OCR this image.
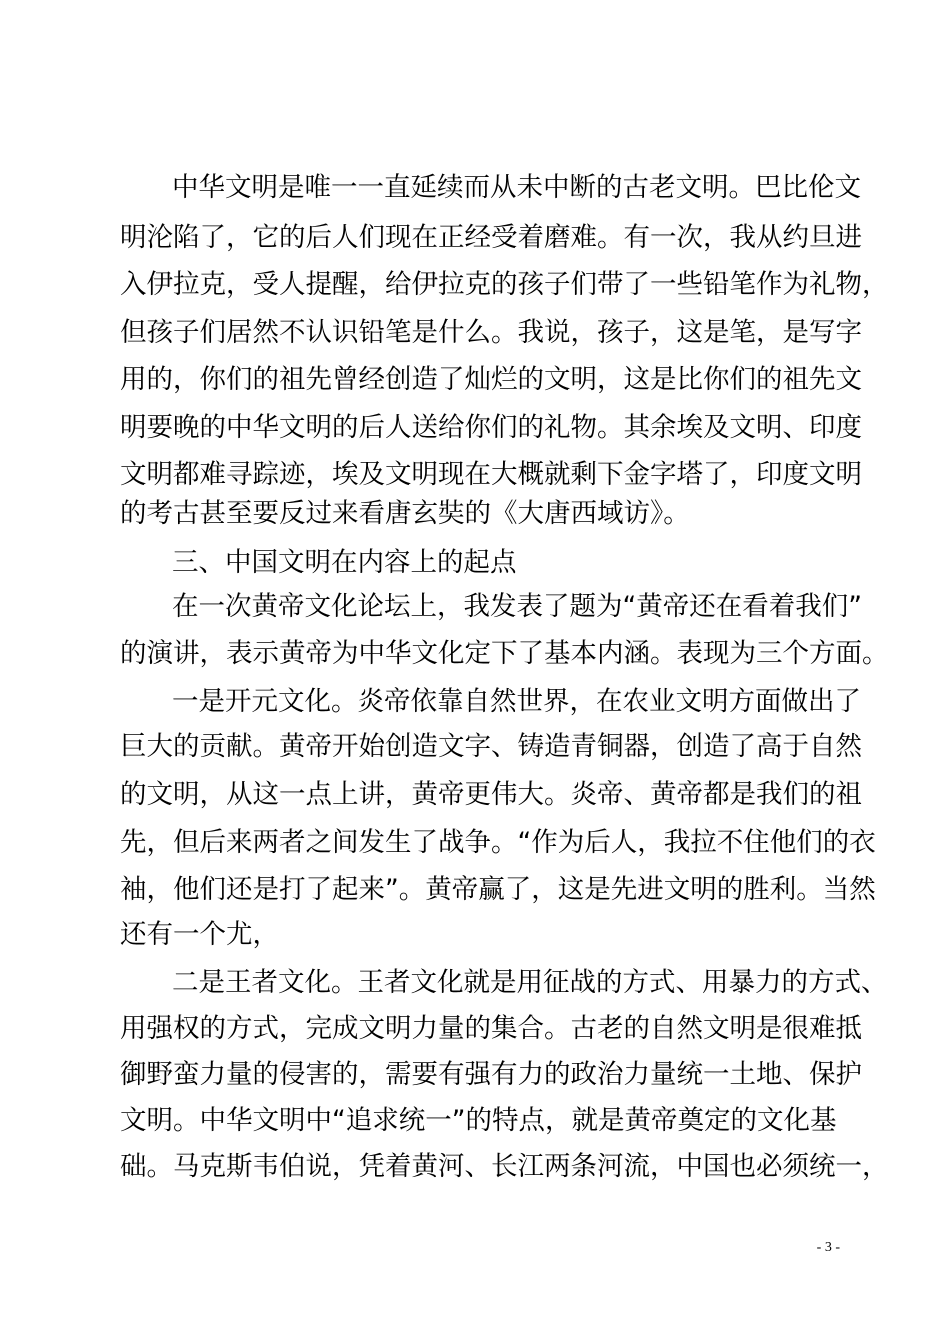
中华文明是唯一一直延续而从未中断的古老文明。巴比伦文
明沦陷了，它的后人们现在正经受着磨难。有一次，我从约旦进
入伊拉克，受人提醒，给伊拉克的孩子们带了一些铅笔作为礼物，
但孩子们居然不认识铅笔是什么。我说，孩子，这是笔，是写字
用的，你们的祖先曾经创造了灿烂的文明，这是比你们的祖先文
明要晚的中华文明的后人送给你们的礼物。其余埃及文明、印度
文明都难寻踪迹，埃及文明现在大概就剩下金字塔了，印度文明
的考古甚至要反过来看唐玄奘的《大唐西域访》。
三、中国文明在内容上的起点
在一次黄帝文化论坛上，我发表了题为“黄帝还在看着我们”
的演讲，表示黄帝为中华文化定下了基本内涵。表现为三个方面。
一是开元文化。炎帝依靠自然世界，在农业文明方面做出了
巨大的贡献。黄帝开始创造文字、铸造青铜器，创造了高于自然
的文明，从这一点上讲，黄帝更伟大。炎帝、黄帝都是我们的祖
先，但后来两者之间发生了战争。“作为后人，我拉不住他们的衣
袖，他们还是打了起来”。黄帝赢了，这是先进文明的胜利。当然
还有一个尤，
二是王者文化。王者文化就是用征战的方式、用暴力的方式、
用强权的方式，完成文明力量的集合。古老的自然文明是很难抵
御野蛮力量的侵害的，需要有强有力的政治力量统一土地、保护
文明。中华文明中“追求统一”的特点，就是黄帝奠定的文化基
础。马克斯韦伯说，凭着黄河、长江两条河流，中国也必须统一，
- 3 -
